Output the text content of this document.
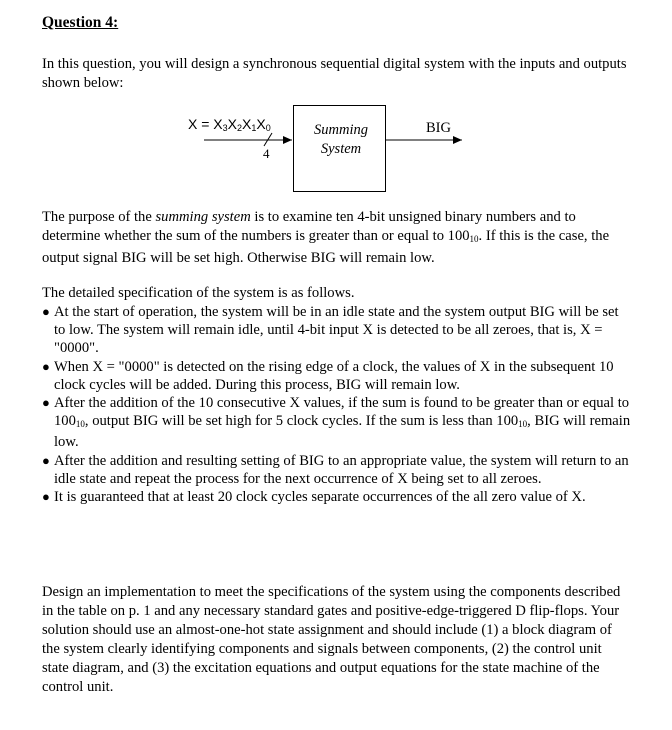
$X = X_3X_2X_1X_0$
4
Summing
System
BIG
Question 4:

In this question, you will design a synchronous sequential digital system with the inputs and outputs shown below:

The purpose of the summing system is to examine ten 4-bit unsigned binary numbers and to determine whether the sum of the numbers is greater than or equal to $100_{10}$. If this is the case, the output signal BIG will be set high. Otherwise BIG will remain low.

The detailed specification of the system is as follows.

● At the start of operation, the system will be in an idle state and the system output BIG will be set to low. The system will remain idle, until 4-bit input X is detected to be all zeroes, that is, X = "0000".
● When X = "0000" is detected on the rising edge of a clock, the values of X in the subsequent 10 clock cycles will be added. During this process, BIG will remain low.
● After the addition of the 10 consecutive X values, if the sum is found to be greater than or equal to $100_{10}$, output BIG will be set high for 5 clock cycles. If the sum is less than $100_{10}$, BIG will remain low.
● After the addition and resulting setting of BIG to an appropriate value, the system will return to an idle state and repeat the process for the next occurrence of X being set to all zeroes.
● It is guaranteed that at least 20 clock cycles separate occurrences of the all zero value of X.

Design an implementation to meet the specifications of the system using the components described in the table on p. 1 and any necessary standard gates and positive-edge-triggered D flip-flops. Your solution should use an almost-one-hot state assignment and should include (1) a block diagram of the system clearly identifying components and signals between components, (2) the control unit state diagram, and (3) the excitation equations and output equations for the state machine of the control unit.
